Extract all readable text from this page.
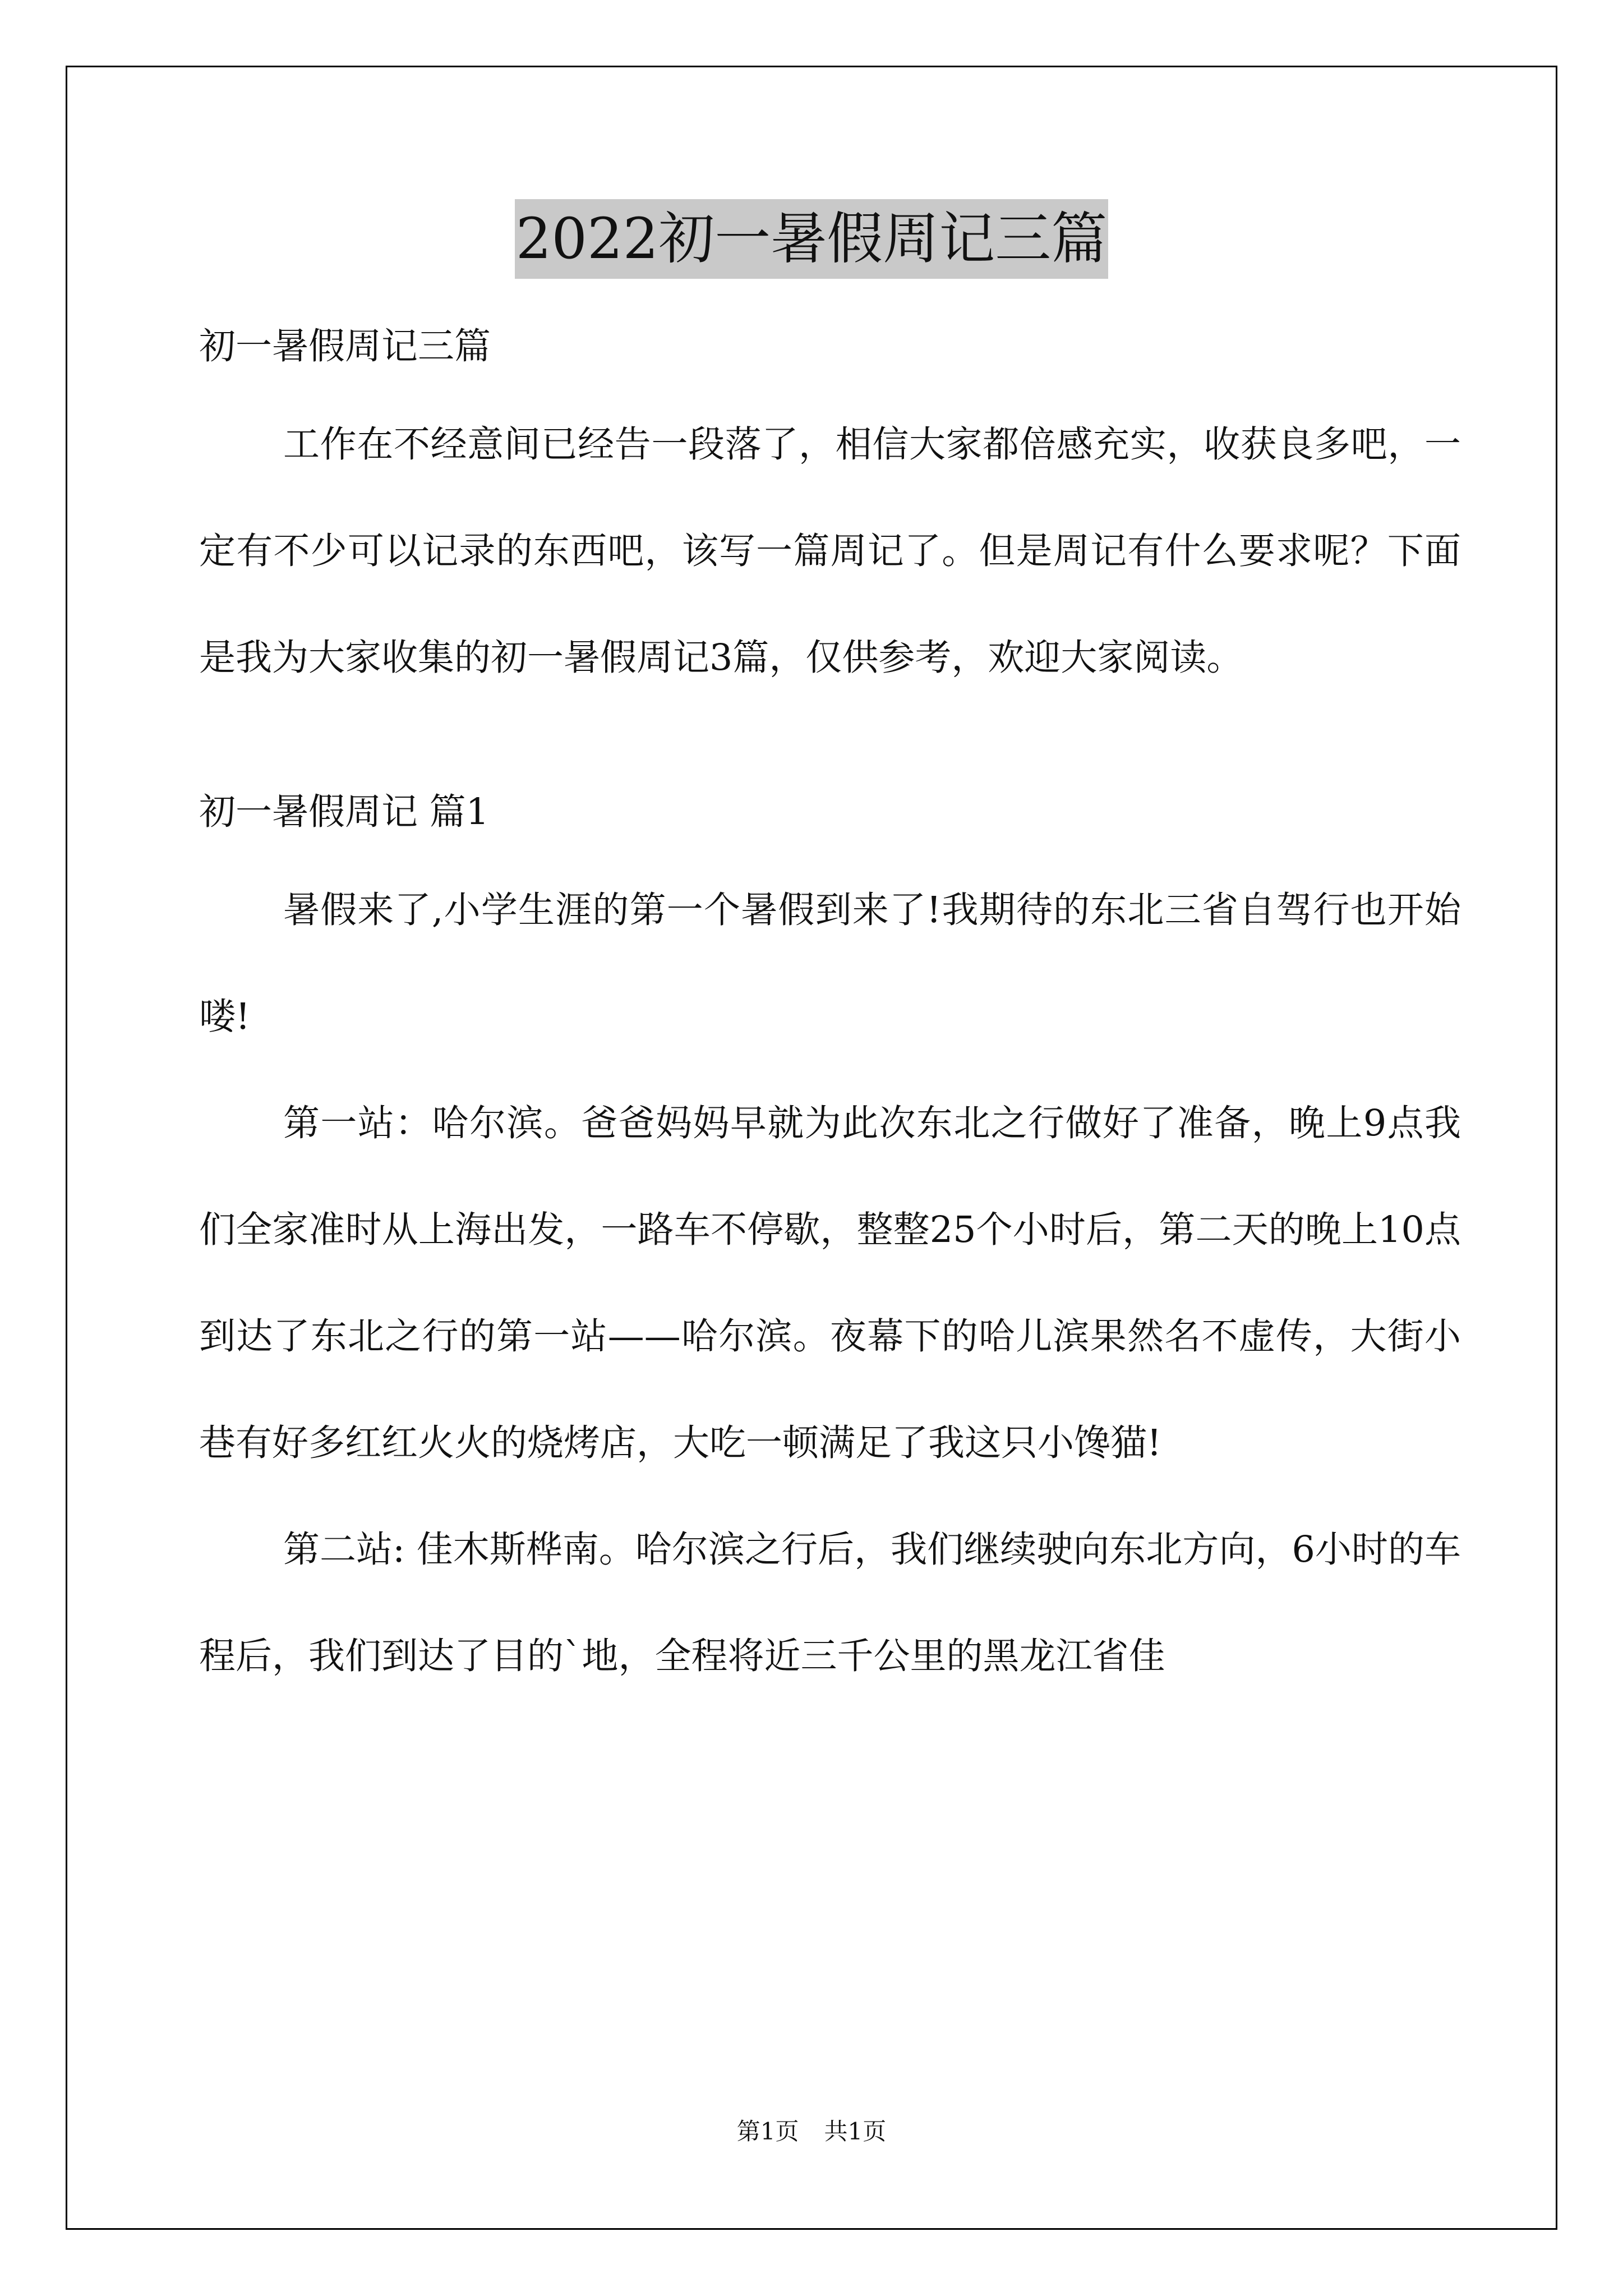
2022初一暑假周记三篇

初一暑假周记三篇

工作在不经意间已经告一段落了，相信大家都倍感充实，收获良多吧，一定有不少可以记录的东西吧，该写一篇周记了。但是周记有什么要求呢？下面是我为大家收集的初一暑假周记3篇，仅供参考，欢迎大家阅读。

初一暑假周记 篇1

暑假来了,小学生涯的第一个暑假到来了!我期待的东北三省自驾行也开始喽!

第一站：哈尔滨。爸爸妈妈早就为此次东北之行做好了准备，晚上9点我们全家准时从上海出发，一路车不停歇，整整25个小时后，第二天的晚上10点到达了东北之行的第一站——哈尔滨。夜幕下的哈儿滨果然名不虚传，大街小巷有好多红红火火的烧烤店，大吃一顿满足了我这只小馋猫!

第二站: 佳木斯桦南。哈尔滨之行后，我们继续驶向东北方向，6小时的车程后，我们到达了目的`地，全程将近三千公里的黑龙江省佳

第1页 共1页
